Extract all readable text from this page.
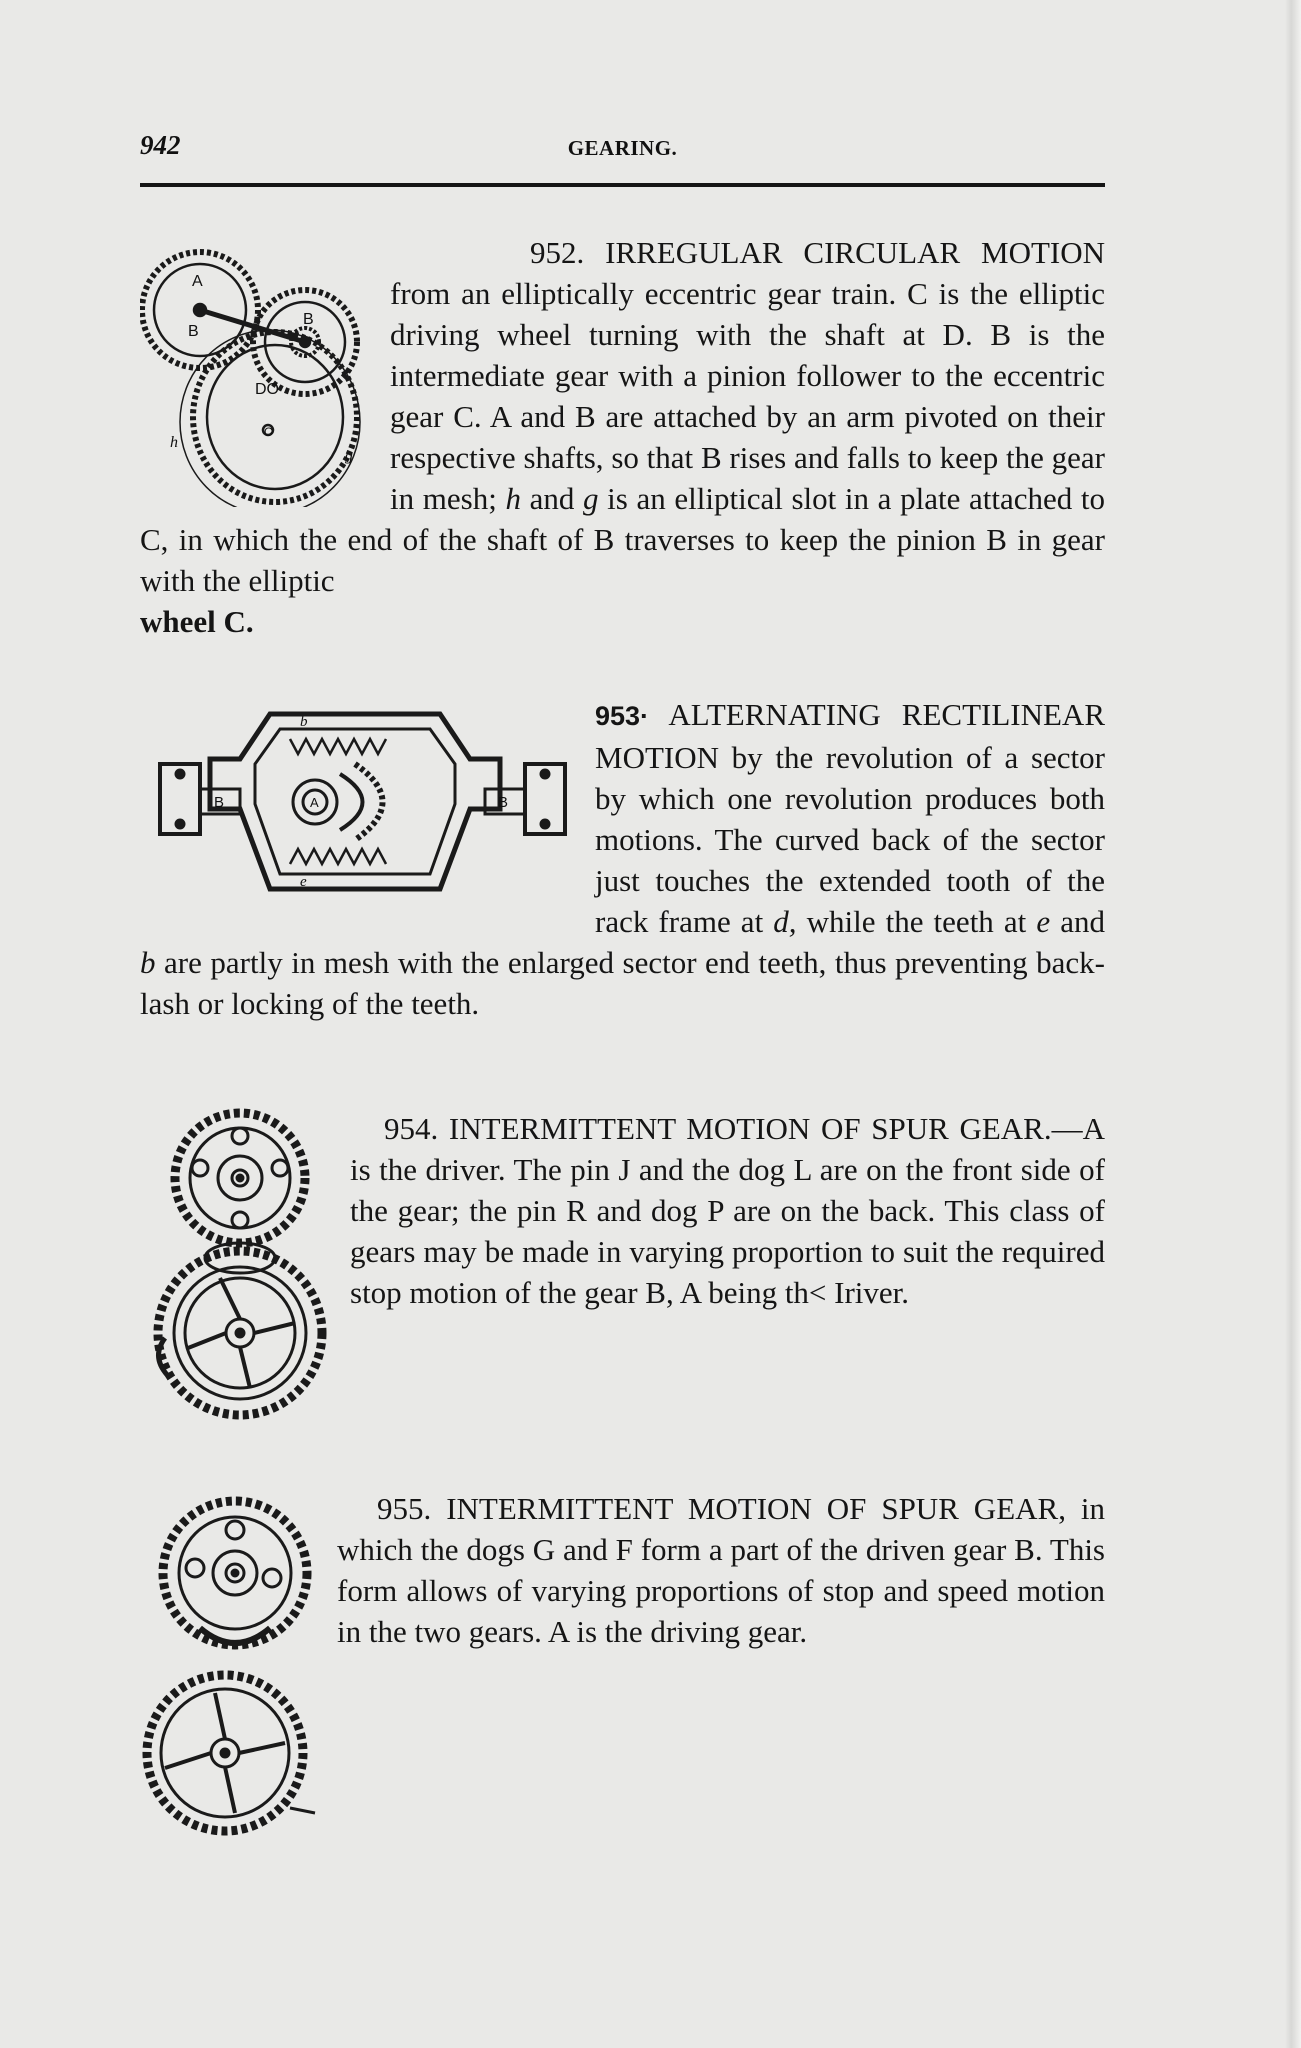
942	GEARING.
A
B
B
DO
O
h
g

952. IRREGULAR CIRCULAR MOTION from an elliptically eccentric gear train. C is the elliptic driving wheel turning with the shaft at D. B is the intermediate gear with a pinion follower to the eccentric gear C. A and B are attached by an arm pivoted on their respective shafts, so that B rises and falls to keep the gear in mesh; h and g is an elliptical slot in a plate attached to C, in which the end of the shaft of B traverses to keep the pinion B in gear with the elliptic
wheel C.

B	A	B
b
e

953· ALTERNATING RECTILINEAR MOTION by the revolution of a sector by which one revolution produces both motions. The curved back of the sector just touches the extended tooth of the rack frame at d, while the teeth at e and b are partly in mesh with the enlarged sector end teeth, thus preventing back-lash or locking of the teeth.

954. INTERMITTENT MOTION OF SPUR GEAR.—A is the driver. The pin J and the dog L are on the front side of the gear; the pin R and dog P are on the back. This class of gears may be made in varying proportion to suit the required stop motion of the gear B, A being th< Iriver.

955. INTERMITTENT MOTION OF SPUR GEAR, in which the dogs G and F form a part of the driven gear B. This form allows of varying proportions of stop and speed motion in the two gears. A is the driving gear.
